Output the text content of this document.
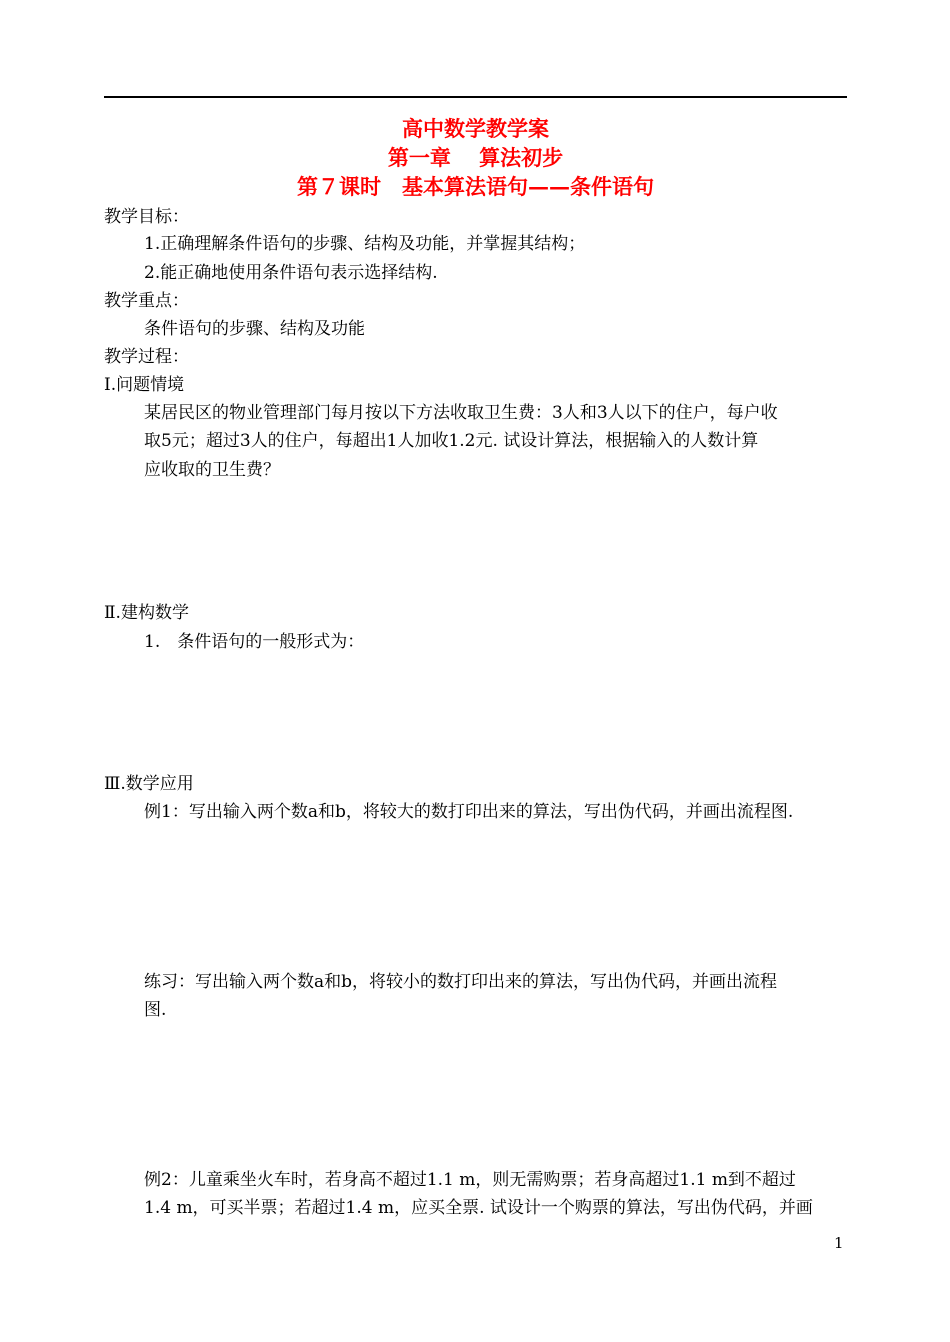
高中数学教学案
第一章　 算法初步
第７课时　基本算法语句——条件语句
教学目标：
1.正确理解条件语句的步骤、结构及功能，并掌握其结构；
2.能正确地使用条件语句表示选择结构.
教学重点：
条件语句的步骤、结构及功能
教学过程：
Ⅰ.问题情境
某居民区的物业管理部门每月按以下方法收取卫生费：3人和3人以下的住户，每户收
取5元；超过3人的住户，每超出1人加收1.2元. 试设计算法，根据输入的人数计算
应收取的卫生费？
Ⅱ.建构数学
1.　条件语句的一般形式为：
Ⅲ.数学应用
例1：写出输入两个数a和b，将较大的数打印出来的算法，写出伪代码，并画出流程图.
练习：写出输入两个数a和b，将较小的数打印出来的算法，写出伪代码，并画出流程
图.
例2：儿童乘坐火车时，若身高不超过1.1 m，则无需购票；若身高超过1.1 m到不超过
1.4 m，可买半票；若超过1.4 m，应买全票. 试设计一个购票的算法，写出伪代码，并画
1
